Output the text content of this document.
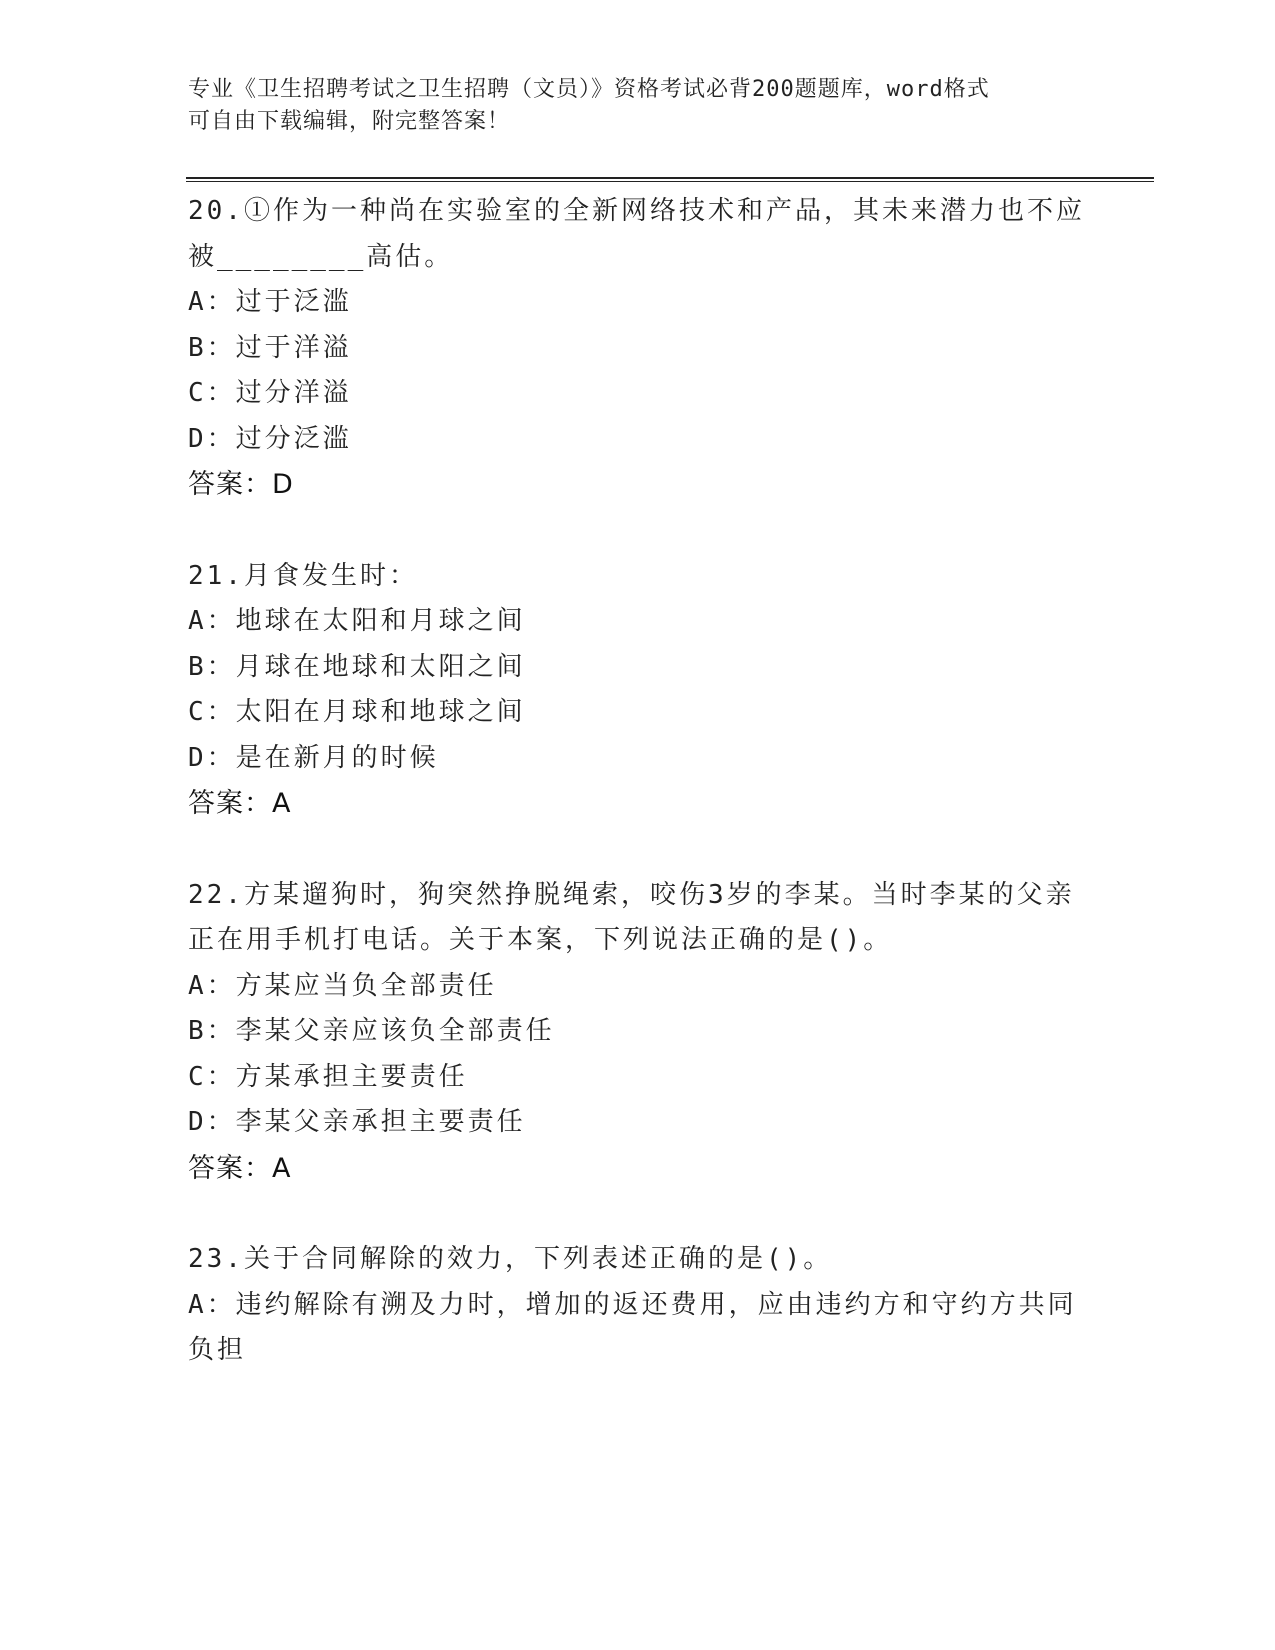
专业《卫生招聘考试之卫生招聘（文员）》资格考试必背200题题库，word格式
可自由下载编辑，附完整答案！
20.①作为一种尚在实验室的全新网络技术和产品，其未来潜力也不应
被________高估。
A：过于泛滥
B：过于洋溢
C：过分洋溢
D：过分泛滥
答案：D
21.月食发生时：
A：地球在太阳和月球之间
B：月球在地球和太阳之间
C：太阳在月球和地球之间
D：是在新月的时候
答案：A
22.方某遛狗时，狗突然挣脱绳索，咬伤3岁的李某。当时李某的父亲
正在用手机打电话。关于本案，下列说法正确的是()。
A：方某应当负全部责任
B：李某父亲应该负全部责任
C：方某承担主要责任
D：李某父亲承担主要责任
答案：A
23.关于合同解除的效力，下列表述正确的是()。
A：违约解除有溯及力时，增加的返还费用，应由违约方和守约方共同
负担
